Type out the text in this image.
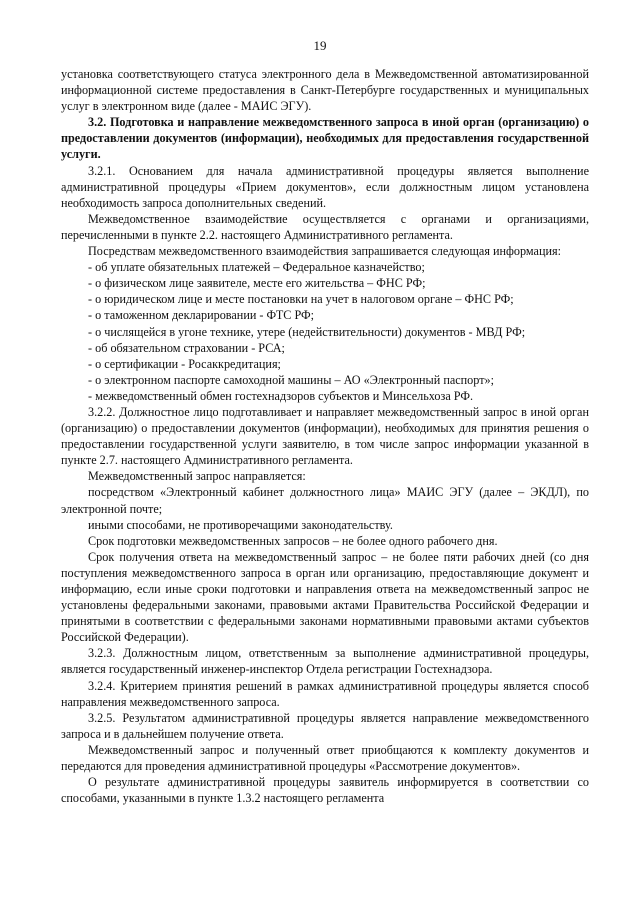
19

установка соответствующего статуса электронного дела в Межведомственной автоматизированной информационной системе предоставления в Санкт-Петербурге государственных и муниципальных услуг в электронном виде (далее - МАИС ЭГУ).

3.2. Подготовка и направление межведомственного запроса в иной орган (организацию) о предоставлении документов (информации), необходимых для предоставления государственной услуги.

3.2.1. Основанием для начала административной процедуры является выполнение административной процедуры «Прием документов», если должностным лицом установлена необходимость запроса дополнительных сведений.

Межведомственное взаимодействие осуществляется с органами и организациями, перечисленными в пункте 2.2. настоящего Административного регламента.

Посредствам межведомственного взаимодействия запрашивается следующая информация:

- об уплате обязательных платежей – Федеральное казначейство;

- о физическом лице заявителе, месте его жительства – ФНС РФ;

- о юридическом лице и месте постановки на учет в налоговом органе – ФНС РФ;

- о таможенном декларировании - ФТС РФ;

- о числящейся в угоне технике, утере (недействительности) документов - МВД РФ;

- об обязательном страховании - РСА;

- о сертификации - Росаккредитация;

- о электронном паспорте самоходной машины – АО «Электронный паспорт»;

- межведомственный обмен гостехнадзоров субъектов и Минсельхоза РФ.

3.2.2. Должностное лицо подготавливает и направляет межведомственный запрос в иной орган (организацию) о предоставлении документов (информации), необходимых для принятия решения о предоставлении государственной услуги заявителю, в том числе запрос информации указанной в пункте 2.7. настоящего Административного регламента.

Межведомственный запрос направляется:

посредством «Электронный кабинет должностного лица» МАИС ЭГУ (далее – ЭКДЛ), по электронной почте;

иными способами, не противоречащими законодательству.

Срок подготовки межведомственных запросов – не более одного рабочего дня.

Срок получения ответа на межведомственный запрос – не более пяти рабочих дней (со дня поступления межведомственного запроса в орган или организацию, предоставляющие документ и информацию, если иные сроки подготовки и направления ответа на межведомственный запрос не установлены федеральными законами, правовыми актами Правительства Российской Федерации и принятыми в соответствии с федеральными законами нормативными правовыми актами субъектов Российской Федерации).

3.2.3. Должностным лицом, ответственным за выполнение административной процедуры, является государственный инженер-инспектор Отдела регистрации Гостехнадзора.

3.2.4. Критерием принятия решений в рамках административной процедуры является способ направления межведомственного запроса.

3.2.5. Результатом административной процедуры является направление межведомственного запроса и в дальнейшем получение ответа.

Межведомственный запрос и полученный ответ приобщаются к комплекту документов и передаются для проведения административной процедуры «Рассмотрение документов».

О результате административной процедуры заявитель информируется в соответствии со способами, указанными в пункте 1.3.2 настоящего регламента
